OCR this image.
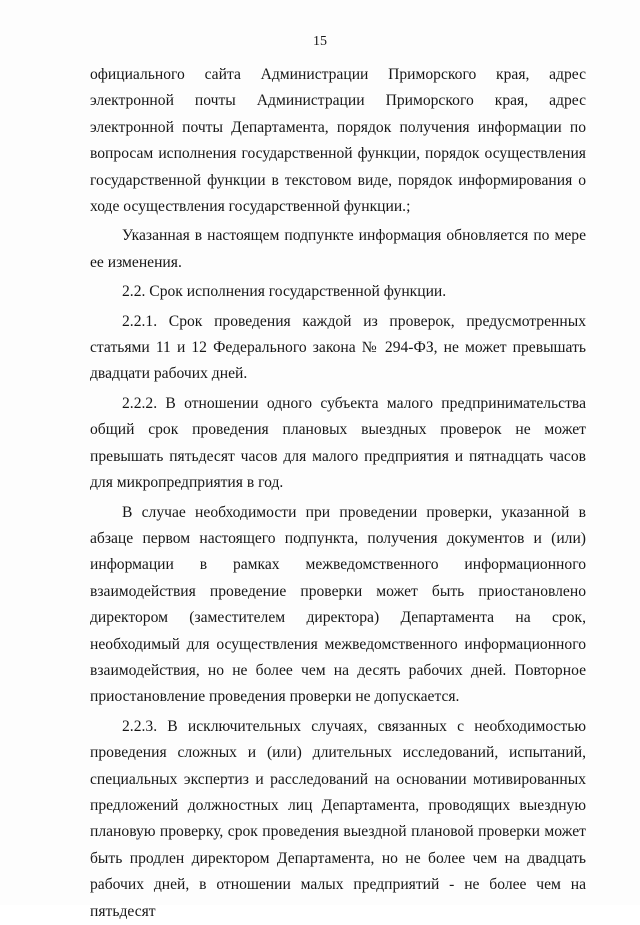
15

официального сайта Администрации Приморского края, адрес электронной почты Администрации Приморского края, адрес электронной почты Департамента, порядок получения информации по вопросам исполнения государственной функции, порядок осуществления государственной функции в текстовом виде, порядок информирования о ходе осуществления государственной функции.;

Указанная в настоящем подпункте информация обновляется по мере ее изменения.

2.2. Срок исполнения государственной функции.

2.2.1. Срок проведения каждой из проверок, предусмотренных статьями 11 и 12 Федерального закона № 294-ФЗ, не может превышать двадцати рабочих дней.

2.2.2. В отношении одного субъекта малого предпринимательства общий срок проведения плановых выездных проверок не может превышать пятьдесят часов для малого предприятия и пятнадцать часов для микропредприятия в год.

В случае необходимости при проведении проверки, указанной в абзаце первом настоящего подпункта, получения документов и (или) информации в рамках межведомственного информационного взаимодействия проведение проверки может быть приостановлено директором (заместителем директора) Департамента на срок, необходимый для осуществления межведомственного информационного взаимодействия, но не более чем на десять рабочих дней. Повторное приостановление проведения проверки не допускается.

2.2.3. В исключительных случаях, связанных с необходимостью проведения сложных и (или) длительных исследований, испытаний, специальных экспертиз и расследований на основании мотивированных предложений должностных лиц Департамента, проводящих выездную плановую проверку, срок проведения выездной плановой проверки может быть продлен директором Департамента, но не более чем на двадцать рабочих дней, в отношении малых предприятий - не более чем на пятьдесят
